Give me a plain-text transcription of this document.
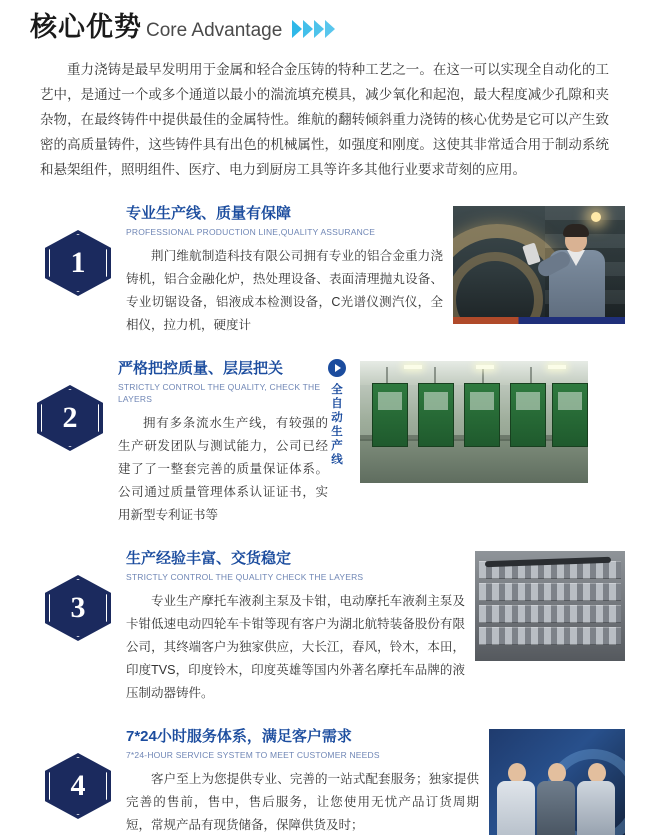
核心优势 Core Advantage

重力浇铸是最早发明用于金属和轻合金压铸的特种工艺之一。在这一可以实现全自动化的工艺中，是通过一个或多个通道以最小的湍流填充模具，减少氧化和起泡，最大程度减少孔隙和夹杂物，在最终铸件中提供最佳的金属特性。维航的翻转倾斜重力浇铸的核心优势是它可以产生致密的高质量铸件，这些铸件具有出色的机械属性，如强度和刚度。这使其非常适合用于制动系统和悬架组件，照明组件、医疗、电力到厨房工具等许多其他行业要求苛刻的应用。

1
专业生产线、质量有保障
PROFESSIONAL PRODUCTION LINE,QUALITY ASSURANCE
荆门维航制造科技有限公司拥有专业的铝合金重力浇铸机，铝合金融化炉，热处理设备、表面清理抛丸设备、专业切锯设备，铝液成本检测设备，C光谱仪测汽仪，全相仪，拉力机，硬度计
2
严格把控质量、层层把关
STRICTLY CONTROL THE QUALITY, CHECK THE LAYERS
拥有多条流水生产线，有较强的生产研发团队与测试能力，公司已经建了了一整套完善的质量保证体系。公司通过质量管理体系认证证书，实用新型专利证书等
全自动生产线
3
生产经验丰富、交货稳定
STRICTLY CONTROL THE QUALITY CHECK THE LAYERS
专业生产摩托车液刹主泵及卡钳，电动摩托车液刹主泵及卡钳低速电动四轮车卡钳等现有客户为湖北航特装备股份有限公司，其终端客户为独家供应，大长江，春风，铃木，本田，印度TVS，印度铃木，印度英雄等国内外著名摩托车品牌的液压制动器铸件。
4
7*24小时服务体系，满足客户需求
7*24-HOUR SERVICE SYSTEM TO MEET CUSTOMER NEEDS
客户至上为您提供专业、完善的一站式配套服务；独家提供完善的售前，售中，售后服务，让您使用无忧产品订货周期 短，常规产品有现货储备，保障供货及时；
